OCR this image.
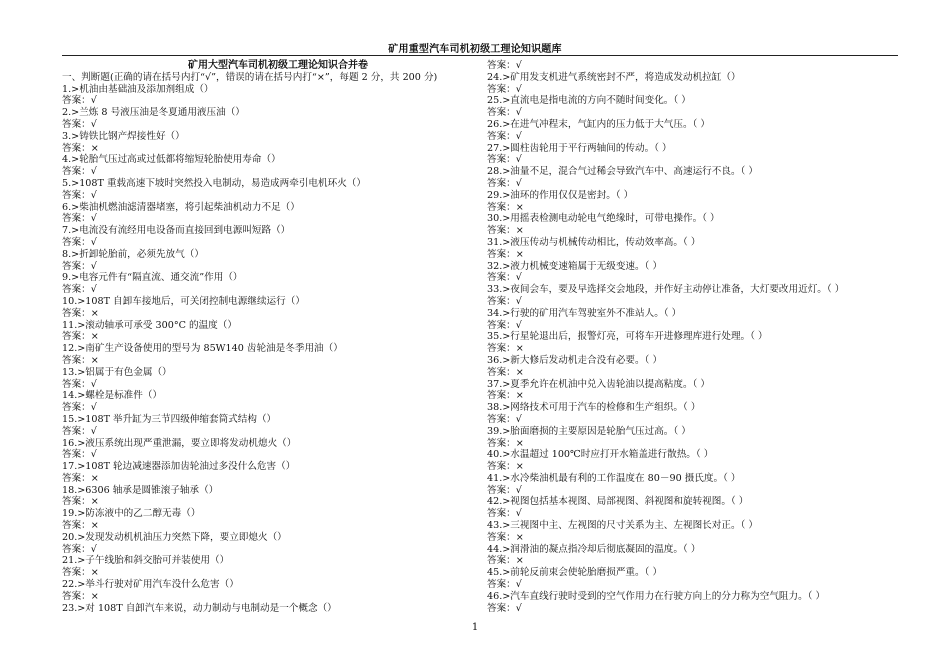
矿用重型汽车司机初级工理论知识题库
矿用大型汽车司机初级工理论知识合并卷
一、判断题(正确的请在括号内打“√”，错误的请在括号内打“×”，每题 2 分，共 200 分)
1.>机油由基础油及添加剂组成（）
答案：√
2.>兰炼 8 号液压油是冬夏通用液压油（）
答案：√
3.>铸铁比钢产焊接性好（）
答案：×
4.>轮胎气压过高或过低都将缩短轮胎使用寿命（）
答案：√
5.>108T 重载高速下坡时突然投入电制动，易造成两牵引电机环火（）
答案：√
6.>柴油机燃油滤清器堵塞，将引起柴油机动力不足（）
答案：√
7.>电流没有流经用电设备而直接回到电源叫短路（）
答案：√
8.>折卸轮胎前，必须先放气（）
答案：√
9.>电容元件有“隔直流、通交流”作用（）
答案：√
10.>108T 自卸车接地后，可关闭控制电源继续运行（）
答案：×
11.>滚动轴承可承受 300°C 的温度（）
答案：×
12.>南矿生产设备使用的型号为 85W140 齿轮油是冬季用油（）
答案：×
13.>铝属于有色金属（）
答案：√
14.>螺栓是标准件（）
答案：√
15.>108T 举升缸为三节四级伸缩套筒式结构（）
答案：√
16.>液压系统出现严重泄漏，要立即将发动机熄火（）
答案：√
17.>108T 轮边减速器添加齿轮油过多没什么危害（）
答案：×
18.>6306 轴承是圆锥滚子轴承（）
答案：×
19.>防冻液中的乙二醇无毒（）
答案：×
20.>发现发动机机油压力突然下降，要立即熄火（）
答案：√
21.>子午线胎和斜交胎可并装使用（）
答案：×
22.>举斗行驶对矿用汽车没什么危害（）
答案：×
23.>对 108T 自卸汽车来说，动力制动与电制动是一个概念（）
答案：√
24.>矿用发支机进气系统密封不严，将造成发动机拉缸（）
答案：√
25.>直流电是指电流的方向不随时间变化。（ ）
答案：√
26.>在进气冲程末，气缸内的压力低于大气压。（ ）
答案：√
27.>圆柱齿轮用于平行两轴间的传动。（ ）
答案：√
28.>油量不足，混合气过稀会导致汽车中、高速运行不良。（ ）
答案：√
29.>油环的作用仅仅是密封。（ ）
答案：×
30.>用摇表检测电动轮电气绝缘时，可带电操作。（ ）
答案：×
31.>液压传动与机械传动相比，传动效率高。（ ）
答案：×
32.>液力机械变速箱属于无级变速。（ ）
答案：√
33.>夜间会车，要及早选择交会地段，并作好主动停让准备，大灯要改用近灯。（ ）
答案：√
34.>行驶的矿用汽车驾驶室外不准站人。（ ）
答案：√
35.>行星轮退出后，报警灯亮，可将车开进修理库进行处理。（ ）
答案：×
36.>新大修后发动机走合没有必要。（ ）
答案：×
37.>夏季允许在机油中兑入齿轮油以提高粘度。（ ）
答案：×
38.>网络技术可用于汽车的检修和生产组织。（ ）
答案：√
39.>胎面磨损的主要原因是轮胎气压过高。（ ）
答案：×
40.>水温超过 100℃时应打开水箱盖进行散热。（ ）
答案：×
41.>水冷柴油机最有利的工作温度在 80－90 摄氏度。（ ）
答案：√
42.>视图包括基本视图、局部视图、斜视图和旋转视图。（ ）
答案：√
43.>三视图中主、左视图的尺寸关系为主、左视图长对正。（ ）
答案：×
44.>润滑油的凝点指冷却后彻底凝固的温度。（ ）
答案：×
45.>前轮反前束会使轮胎磨损严重。（ ）
答案：√
46.>汽车直线行驶时受到的空气作用力在行驶方向上的分力称为空气阻力。（ ）
答案：√
1
